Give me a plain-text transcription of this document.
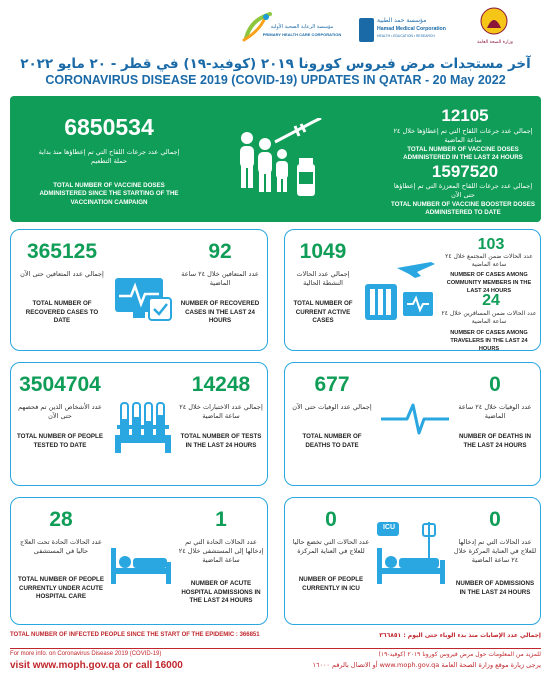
مؤسسة الرعاية الصحية الأولية
PRIMARY HEALTH CARE CORPORATION
مؤسسة حمد الطبية
Hamad Medical Corporation
HEALTH • EDUCATION • RESEARCH
وزارة الصحة العامة
آخر مستجدات مرض فيروس كورونا ٢٠١٩ (كوفيد-١٩) في قطر - ٢٠ مايو ٢٠٢٢
CORONAVIRUS DISEASE 2019 (COVID-19) UPDATES IN QATAR - 20 May 2022
6850534
إجمالي عدد جرعات اللقاح التي تم إعطاؤها منذ بداية حملة التطعيم
TOTAL NUMBER OF VACCINE DOSES ADMINISTERED SINCE THE STARTING OF THE VACCINATION CAMPAIGN
12105
إجمالي عدد جرعات اللقاح التي تم إعطاؤها خلال ٢٤ ساعة الماضية
TOTAL NUMBER OF VACCINE DOSES ADMINISTERED IN THE LAST 24 HOURS
1597520
إجمالي عدد جرعات اللقاح المعززة التي تم إعطاؤها حتى الآن
TOTAL NUMBER OF VACCINE BOOSTER DOSES ADMINISTERED TO DATE
365125
إجمالي عدد المتعافين حتى الآن
TOTAL NUMBER OF RECOVERED CASES TO DATE
92
عدد المتعافين خلال ٢٤ ساعة الماضية
NUMBER OF RECOVERED CASES IN THE LAST 24 HOURS
1049
إجمالي عدد الحالات النشطة الحالية
TOTAL NUMBER OF CURRENT ACTIVE CASES
103
عدد الحالات ضمن المجتمع خلال ٢٤ ساعة الماضية
NUMBER OF CASES AMONG COMMUNITY MEMBERS IN THE LAST 24 HOURS
24
عدد الحالات ضمن المسافرين خلال ٢٤ ساعة الماضية
NUMBER OF CASES AMONG TRAVELERS IN THE LAST 24 HOURS
3504704
عدد الأشخاص الذين تم فحصهم حتى الآن
TOTAL NUMBER OF PEOPLE TESTED TO DATE
14248
إجمالي عدد الاختبارات خلال ٢٤ ساعة الماضية
TOTAL NUMBER OF TESTS IN THE LAST 24 HOURS
677
إجمالي عدد الوفيات حتى الآن
TOTAL NUMBER OF DEATHS TO DATE
0
عدد الوفيات خلال ٢٤ ساعة الماضية
NUMBER OF DEATHS IN THE LAST 24 HOURS
28
عدد الحالات الحادة تحت العلاج حاليا في المستشفى
TOTAL NUMBER OF PEOPLE CURRENTLY UNDER ACUTE HOSPITAL CARE
1
عدد الحالات الحادة التي تم إدخالها إلى المستشفى خلال ٢٤ ساعة الماضية
NUMBER OF ACUTE HOSPITAL ADMISSIONS IN THE LAST 24 HOURS
0
عدد الحالات التي تخضع حاليا للعلاج في العناية المركزة
NUMBER OF PEOPLE CURRENTLY IN ICU
ICU	0
عدد الحالات التي تم إدخالها للعلاج في العناية المركزة خلال ٢٤ ساعة الماضية
NUMBER OF ADMISSIONS IN THE LAST 24 HOURS
TOTAL NUMBER OF INFECTED PEOPLE SINCE THE START OF THE EPIDEMIC : 366851	إجمالي عدد الإصابات منذ بدء الوباء حتى اليوم : ٣٦٦٨٥١
For more info. on Coronavirus Disease 2019 (COVID-19)
visit www.moph.gov.qa or call 16000
للمزيد من المعلومات حول مرض فيروس كورونا ٢٠١٩ (كوفيد-١٩)
يرجى زيارة موقع وزارة الصحة العامة www.moph.gov.qa أو الاتصال بالرقم ١٦٠٠٠
